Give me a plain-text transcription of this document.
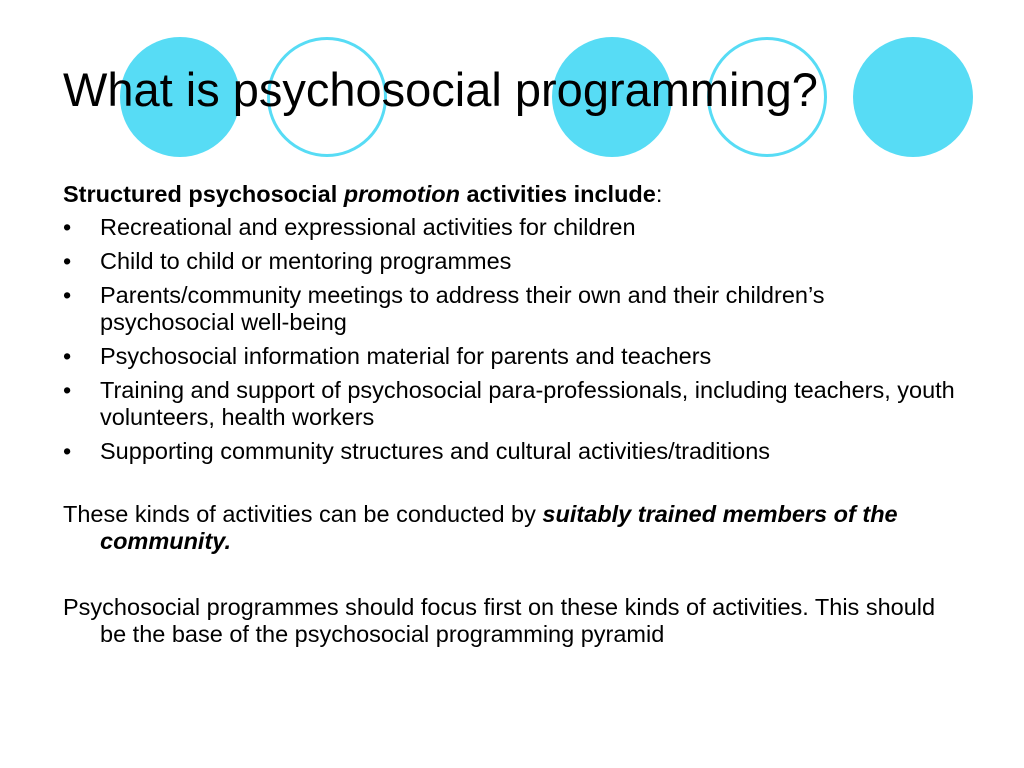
What is psychosocial programming?

Structured psychosocial promotion activities include:

• Recreational and expressional activities for children
• Child to child or mentoring programmes
• Parents/community meetings to address their own and their children’s psychosocial well-being
• Psychosocial information material for parents and teachers
• Training and support of psychosocial para-professionals, including teachers, youth volunteers, health workers
• Supporting community structures and cultural activities/traditions

These kinds of activities can be conducted by suitably trained members of the community.

Psychosocial programmes should focus first on these kinds of activities. This should be the base of the psychosocial programming pyramid
